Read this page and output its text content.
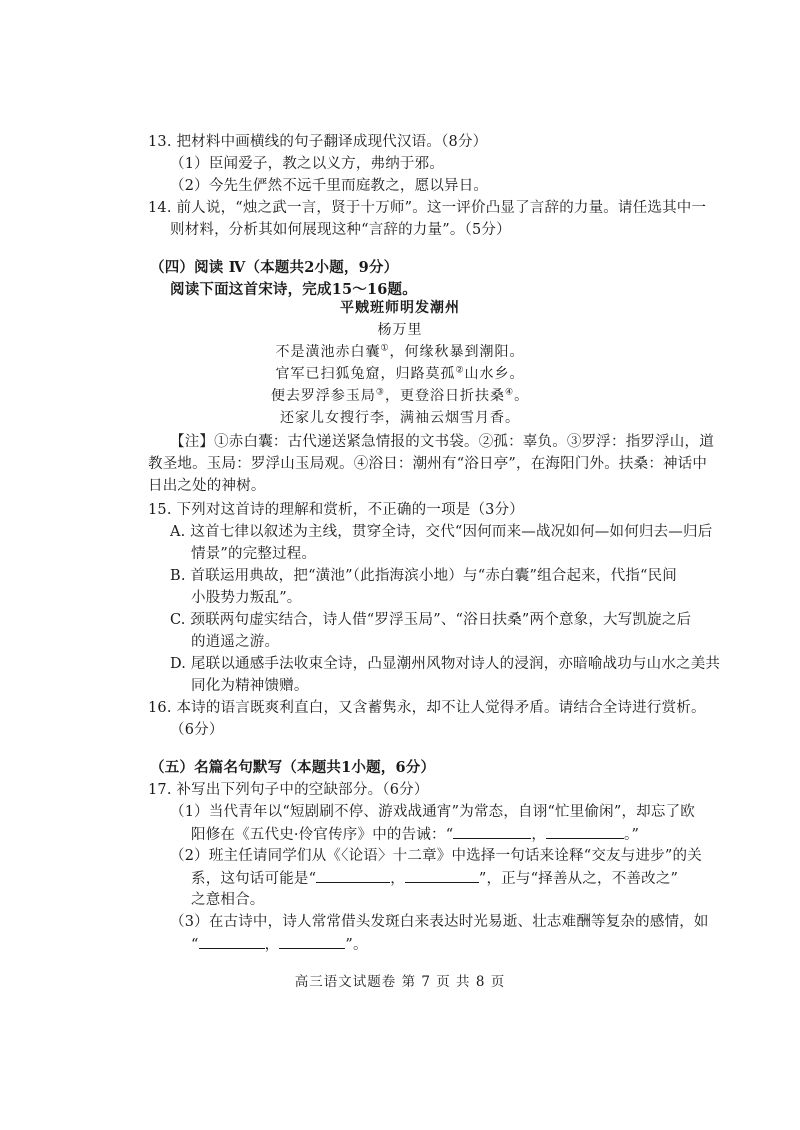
13. 把材料中画横线的句子翻译成现代汉语。（8分）
（1）臣闻爱子，教之以义方，弗纳于邪。
（2）今先生俨然不远千里而庭教之，愿以异日。
14. 前人说，“烛之武一言，贤于十万师”。这一评价凸显了言辞的力量。请任选其中一
则材料，分析其如何展现这种“言辞的力量”。（5分）
（四）阅读 Ⅳ（本题共2小题，9分）
阅读下面这首宋诗，完成15～16题。
平贼班师明发潮州
杨万里
不是潢池赤白囊①，何缘秋暴到潮阳。
官军已扫狐兔窟，归路莫孤②山水乡。
便去罗浮参玉局③，更登浴日折扶桑④。
还家儿女搜行李，满袖云烟雪月香。
【注】①赤白囊：古代递送紧急情报的文书袋。②孤：辜负。③罗浮：指罗浮山，道
教圣地。玉局：罗浮山玉局观。④浴日：潮州有“浴日亭”，在海阳门外。扶桑：神话中
日出之处的神树。
15. 下列对这首诗的理解和赏析，不正确的一项是（3分）
A. 这首七律以叙述为主线，贯穿全诗，交代“因何而来—战况如何—如何归去—归后
情景”的完整过程。
B. 首联运用典故，把“潢池”（此指海滨小地）与“赤白囊”组合起来，代指“民间
小股势力叛乱”。
C. 颈联两句虚实结合，诗人借“罗浮玉局”、“浴日扶桑”两个意象，大写凯旋之后
的逍遥之游。
D. 尾联以通感手法收束全诗，凸显潮州风物对诗人的浸润，亦暗喻战功与山水之美共
同化为精神馈赠。
16. 本诗的语言既爽利直白，又含蓄隽永，却不让人觉得矛盾。请结合全诗进行赏析。
（6分）
（五）名篇名句默写（本题共1小题，6分）
17. 补写出下列句子中的空缺部分。（6分）
（1）当代青年以“短剧刷不停、游戏战通宵”为常态，自诩“忙里偷闲”，却忘了欧
阳修在《五代史·伶官传序》中的告诫：“	，	。”
（2）班主任请同学们从《〈论语〉十二章》中选择一句话来诠释“交友与进步”的关
系，这句话可能是“	，	”，正与“择善从之，不善改之”
之意相合。
（3）在古诗中，诗人常常借头发斑白来表达时光易逝、壮志难酬等复杂的感情，如
“	，	”。
高三语文试题卷 第 7 页 共 8 页
